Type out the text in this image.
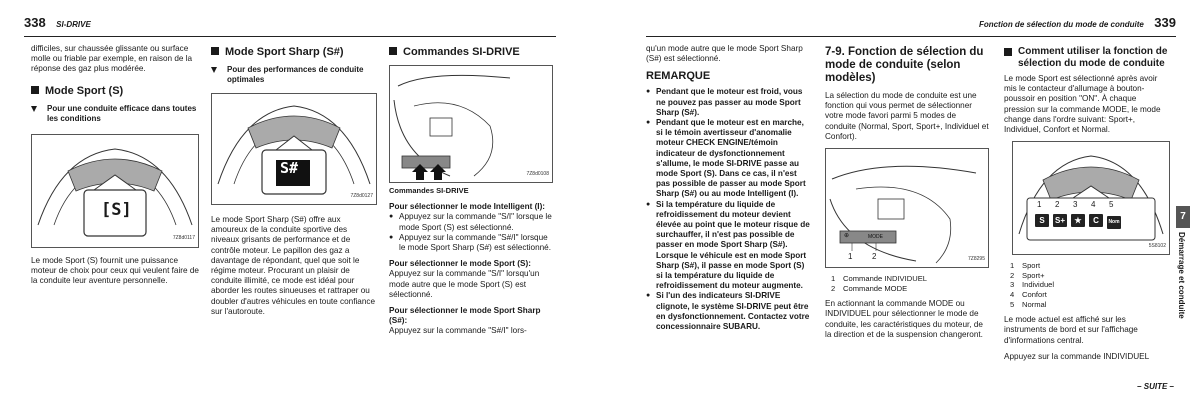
338 SI-DRIVE	Fonction de sélection du mode de conduite 339

difficiles, sur chaussée glissante ou surface molle ou friable par exemple, en raison de la réponse des gaz plus modérée.

Mode Sport (S)
Pour une conduite efficace dans toutes les conditions
[S]
7Z8d0117

Le mode Sport (S) fournit une puissance moteur de choix pour ceux qui veulent faire de la conduite leur aventure personnelle.

Mode Sport Sharp (S#)
Pour des performances de conduite optimales
S#
7Z8d0127

Le mode Sport Sharp (S#) offre aux amoureux de la conduite sportive des niveaux grisants de performance et de contrôle moteur. Le papillon des gaz a davantage de répondant, quel que soit le régime moteur. Procurant un plaisir de conduite illimité, ce mode est idéal pour aborder les routes sinueuses et rattraper ou doubler d'autres véhicules en toute confiance sur l'autoroute.

Commandes SI-DRIVE
7Z8d0108
Commandes SI-DRIVE
Pour sélectionner le mode Intelligent (I):
● Appuyez sur la commande "S/I" lorsque le mode Sport (S) est sélectionné.
● Appuyez sur la commande "S#/I" lorsque le mode Sport Sharp (S#) est sélectionné.
Pour sélectionner le mode Sport (S):

Appuyez sur la commande "S/I" lorsqu'un mode autre que le mode Sport (S) est sélectionné.

Pour sélectionner le mode Sport Sharp (S#):

Appuyez sur la commande "S#/I" lors-

qu'un mode autre que le mode Sport Sharp (S#) est sélectionné.

REMARQUE
● Pendant que le moteur est froid, vous ne pouvez pas passer au mode Sport Sharp (S#).
● Pendant que le moteur est en marche, si le témoin avertisseur d'anomalie moteur CHECK ENGINE/témoin indicateur de dysfonctionnement s'allume, le mode SI-DRIVE passe au mode Sport (S). Dans ce cas, il n'est pas possible de passer au mode Sport Sharp (S#) ou au mode Intelligent (I).
● Si la température du liquide de refroidissement du moteur devient élevée au point que le moteur risque de surchauffer, il n'est pas possible de passer en mode Sport Sharp (S#). Lorsque le véhicule est en mode Sport Sharp (S#), il passe en mode Sport (S) si la température du liquide de refroidissement du moteur augmente.
● Si l'un des indicateurs SI-DRIVE clignote, le système SI-DRIVE peut être en dysfonctionnement. Contactez votre concessionnaire SUBARU.
7-9. Fonction de sélection du mode de conduite (selon modèles)

La sélection du mode de conduite est une fonction qui vous permet de sélectionner votre mode favori parmi 5 modes de conduite (Normal, Sport, Sport+, Individuel et Confort).

⊕	MODE
1 2	7Z8295
1 Commande INDIVIDUEL
2 Commande MODE

En actionnant la commande MODE ou INDIVIDUEL pour sélectionner le mode de conduite, les caractéristiques du moteur, de la direction et de la suspension changeront.

Comment utiliser la fonction de sélection du mode de conduite

Le mode Sport est sélectionné après avoir mis le contacteur d'allumage à bouton-poussoir en position "ON". À chaque pression sur la commande MODE, le mode change dans l'ordre suivant: Sport+, Individuel, Confort et Normal.

1 2 3 4 5
S S+ ★ C Nom
5S8102
1 Sport
2 Sport+
3 Individuel
4 Confort
5 Normal

Le mode actuel est affiché sur les instruments de bord et sur l'affichage d'informations central.

Appuyez sur la commande INDIVIDUEL

– SUITE –
7
Démarrage et conduite
